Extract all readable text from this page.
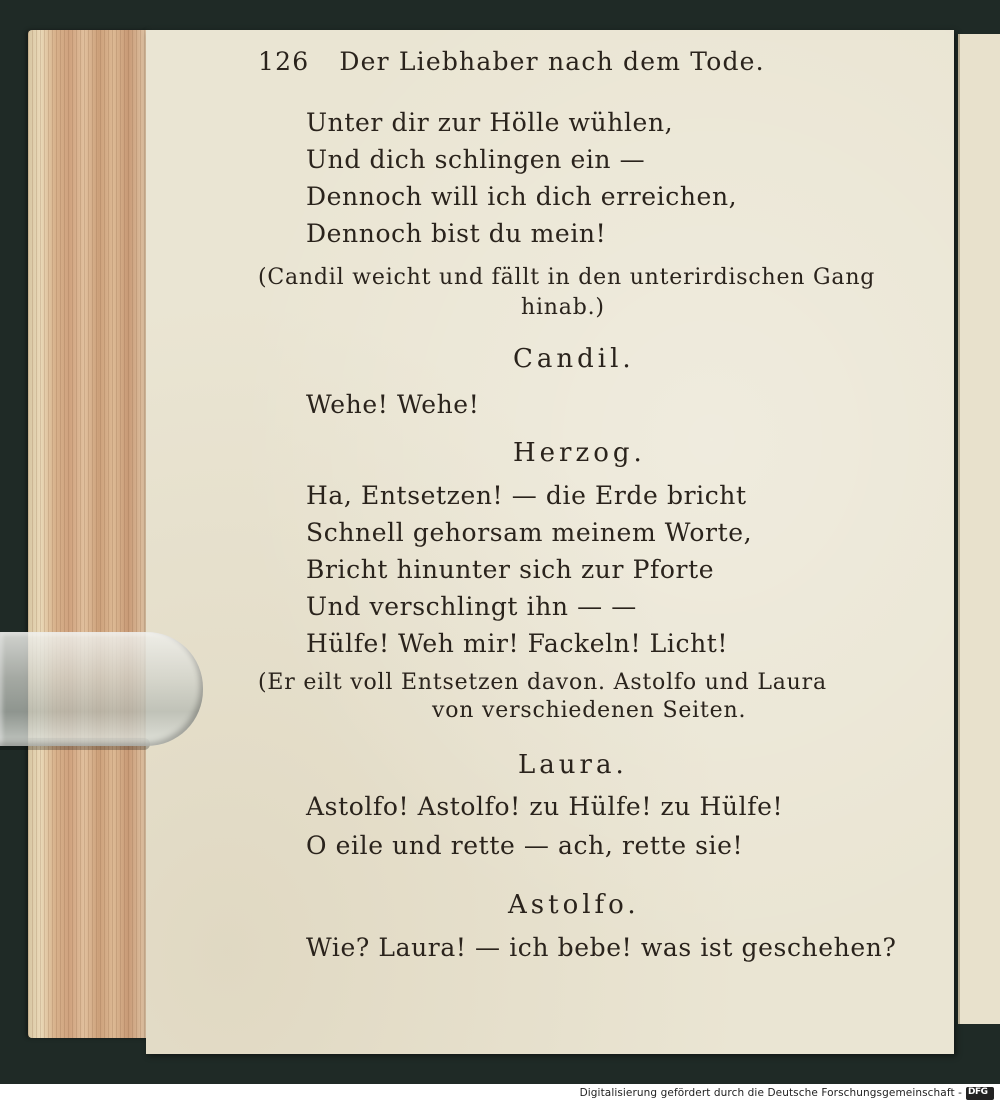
126 Der Liebhaber nach dem Tode.
Unter dir zur Hölle wühlen,
Und dich schlingen ein —
Dennoch will ich dich erreichen,
Dennoch bist du mein!
(Candil weicht und fällt in den unterirdischen Gang
hinab.)
Candil.
Wehe! Wehe!
Herzog.
Ha, Entsetzen! — die Erde bricht
Schnell gehorsam meinem Worte,
Bricht hinunter sich zur Pforte
Und verschlingt ihn — —
Hülfe! Weh mir! Fackeln! Licht!
(Er eilt voll Entsetzen davon. Astolfo und Laura
von verschiedenen Seiten.
Laura.
Astolfo! Astolfo! zu Hülfe! zu Hülfe!
O eile und rette — ach, rette sie!
Astolfo.
Wie? Laura! — ich bebe! was ist geschehen?
Digitalisierung gefördert durch die Deutsche Forschungsgemeinschaft - DFG
